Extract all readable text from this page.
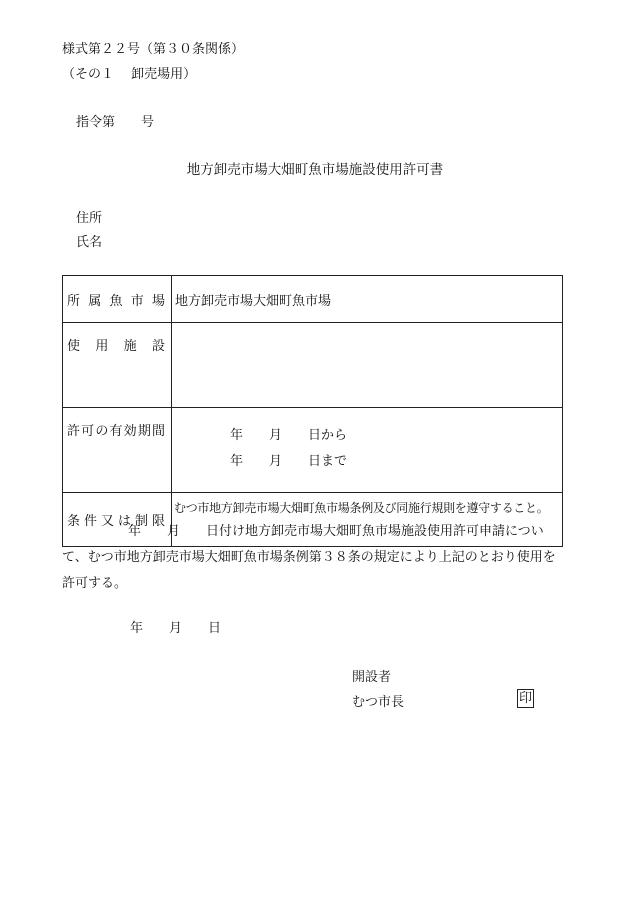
様式第２２号（第３０条関係）
（その１　 卸売場用）
指令第　　号
地方卸売市場大畑町魚市場施設使用許可書
住所
氏名
所属魚市場	地方卸売市場大畑町魚市場

使用施設	

許可の有効期間	年　　月　　日から
年　　月　　日まで

条件又は制限	むつ市地方卸売市場大畑町魚市場条例及び同施行規則を遵守すること。
年　　月　　日付け地方卸売市場大畑町魚市場施設使用許可申請について、むつ市地方卸売市場大畑町魚市場条例第３８条の規定により上記のとおり使用を許可する。
年　　月　　日
開設者
むつ市長	印
